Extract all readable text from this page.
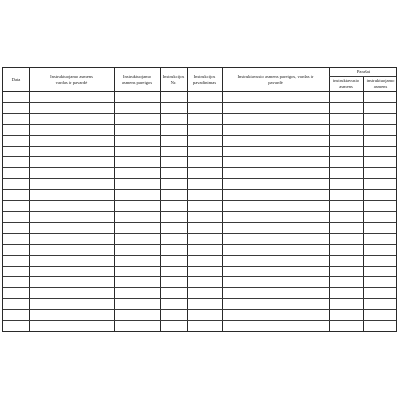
Data
Instruktuojamo asmens vardas ir pavardė
Instruktuojamo asmens pareigos
Instrukcijos Nr.
Instrukcijos pavadinimas
Instruktavusio asmens pareigos, vardas ir pavardė
Parašai
instruktavusio asmens
instruktuojamo asmens
